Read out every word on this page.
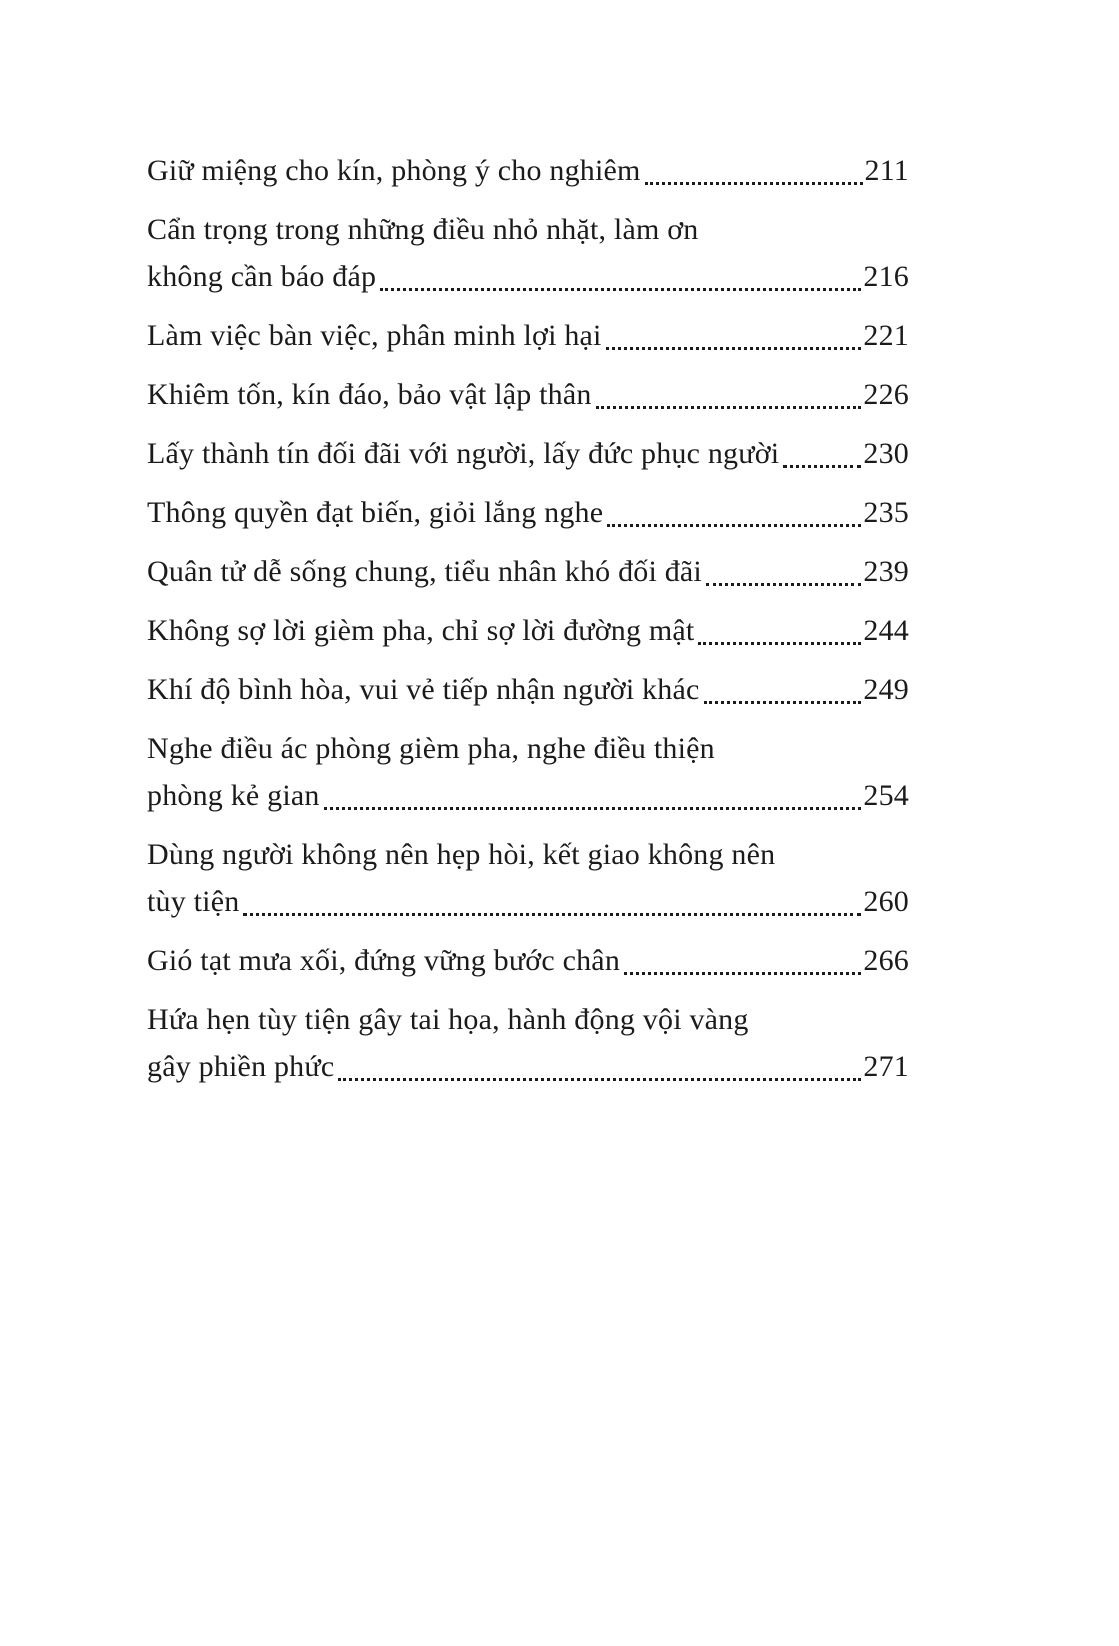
Giữ miệng cho kín, phòng ý cho nghiêm	211
Cẩn trọng trong những điều nhỏ nhặt, làm ơn
không cần báo đáp	216
Làm việc bàn việc, phân minh lợi hại	221
Khiêm tốn, kín đáo, bảo vật lập thân	226
Lấy thành tín đối đãi với người, lấy đức phục người	230
Thông quyền đạt biến, giỏi lắng nghe	235
Quân tử dễ sống chung, tiểu nhân khó đối đãi	239
Không sợ lời gièm pha, chỉ sợ lời đường mật	244
Khí độ bình hòa, vui vẻ tiếp nhận người khác	249
Nghe điều ác phòng gièm pha, nghe điều thiện
phòng kẻ gian	254
Dùng người không nên hẹp hòi, kết giao không nên
tùy tiện	260
Gió tạt mưa xối, đứng vững bước chân	266
Hứa hẹn tùy tiện gây tai họa, hành động vội vàng
gây phiền phức	271
